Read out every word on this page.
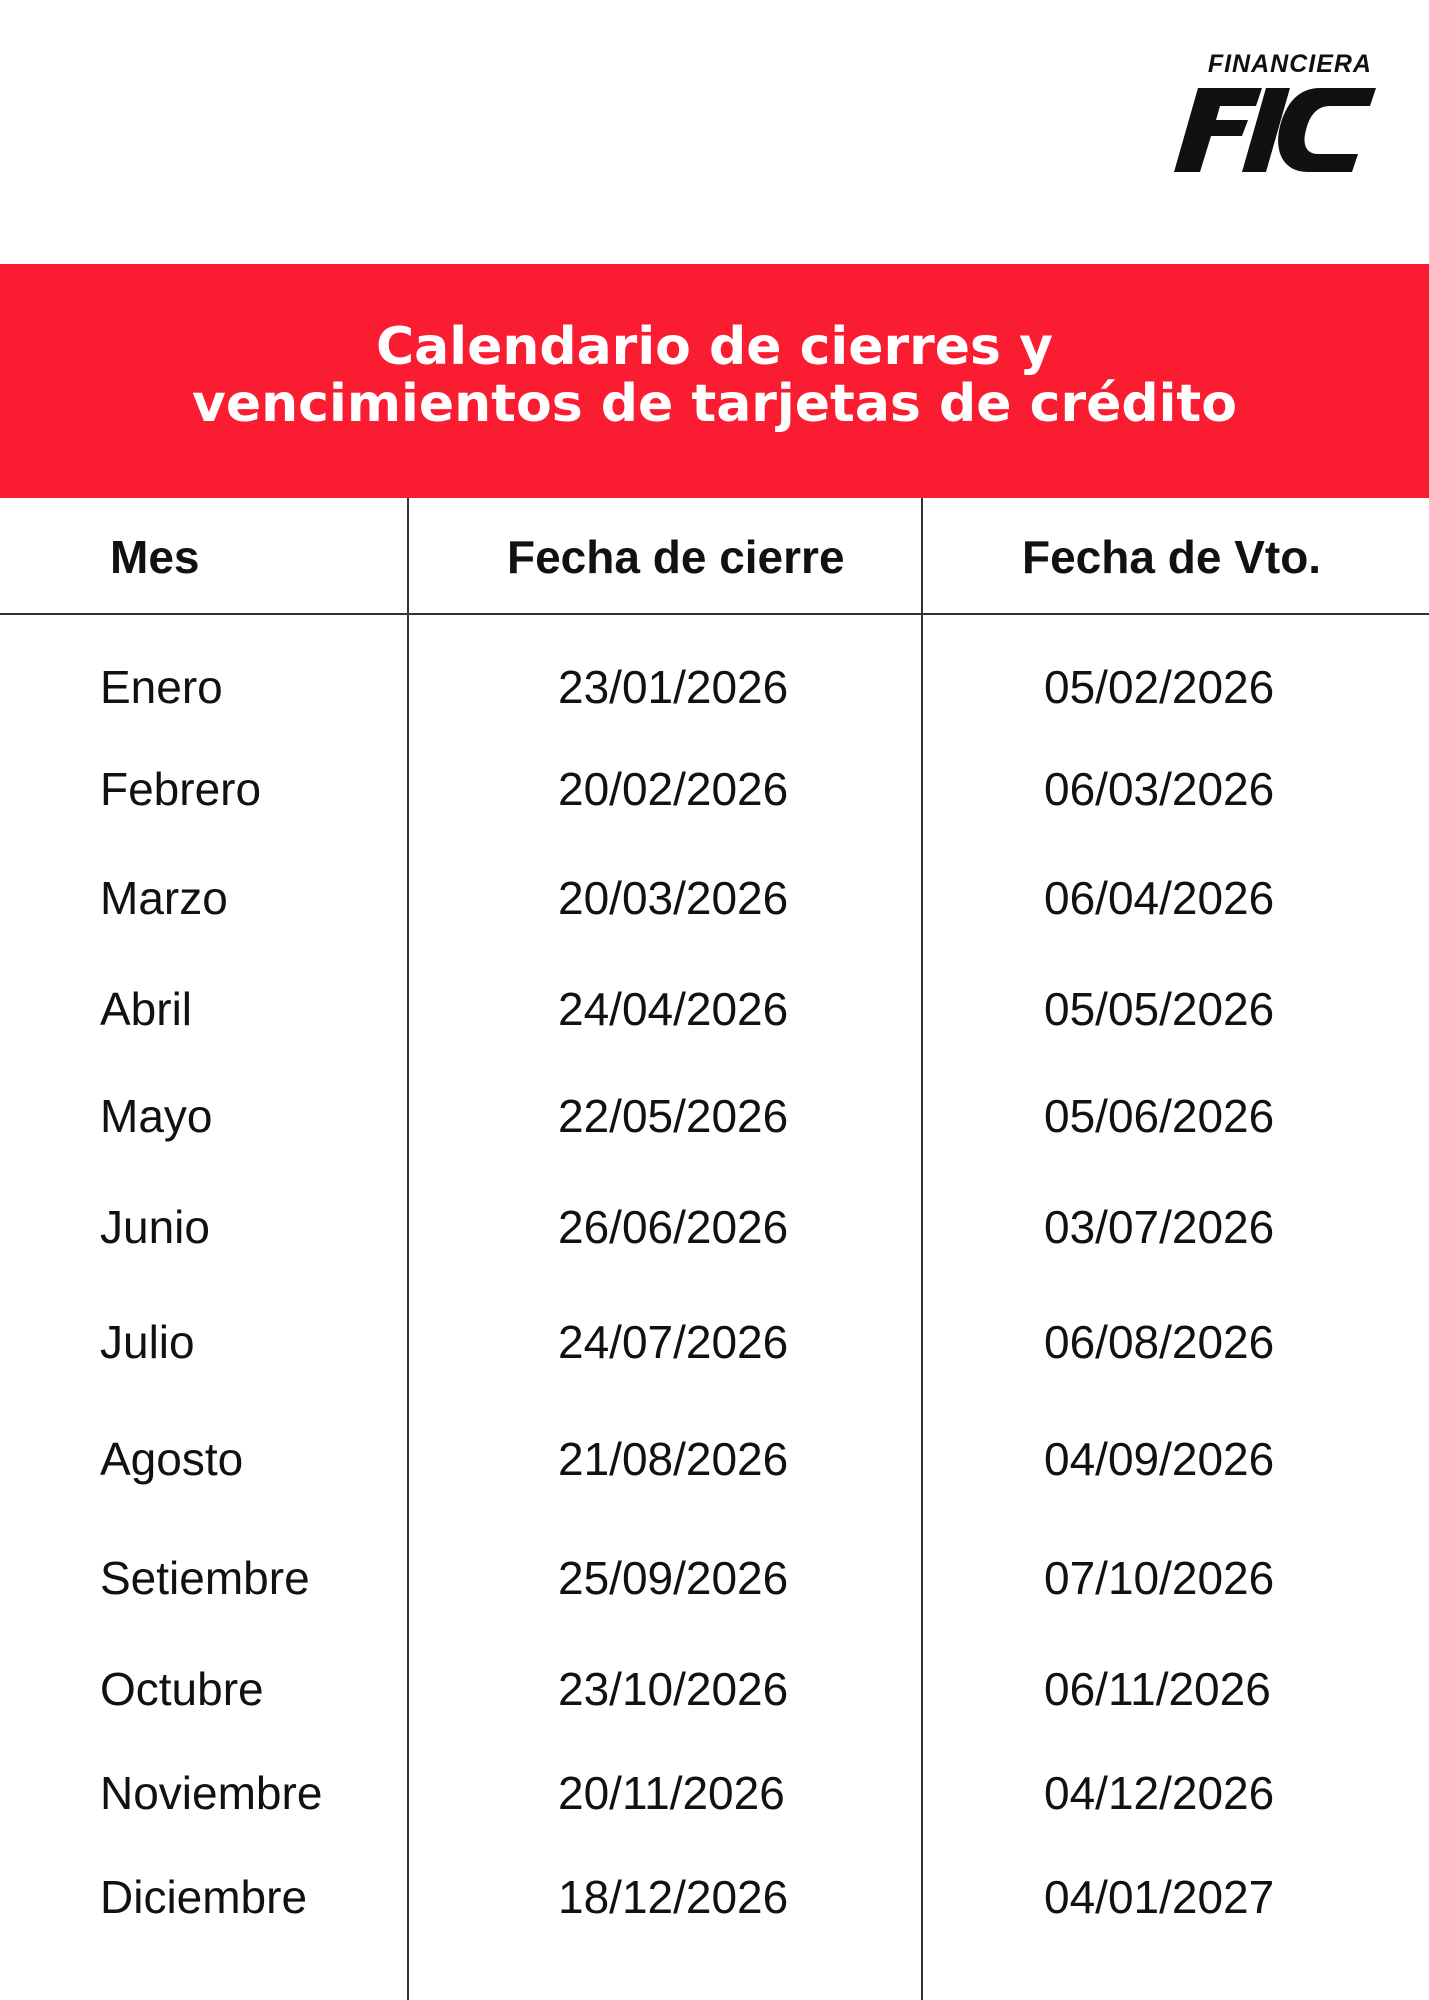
FINANCIERA
Calendario de cierres y
vencimientos de tarjetas de crédito
Mes	Fecha de cierre	Fecha de Vto.
Enero	23/01/2026	05/02/2026
Febrero	20/02/2026	06/03/2026
Marzo	20/03/2026	06/04/2026
Abril	24/04/2026	05/05/2026
Mayo	22/05/2026	05/06/2026
Junio	26/06/2026	03/07/2026
Julio	24/07/2026	06/08/2026
Agosto	21/08/2026	04/09/2026
Setiembre	25/09/2026	07/10/2026
Octubre	23/10/2026	06/11/2026
Noviembre	20/11/2026	04/12/2026
Diciembre	18/12/2026	04/01/2027
